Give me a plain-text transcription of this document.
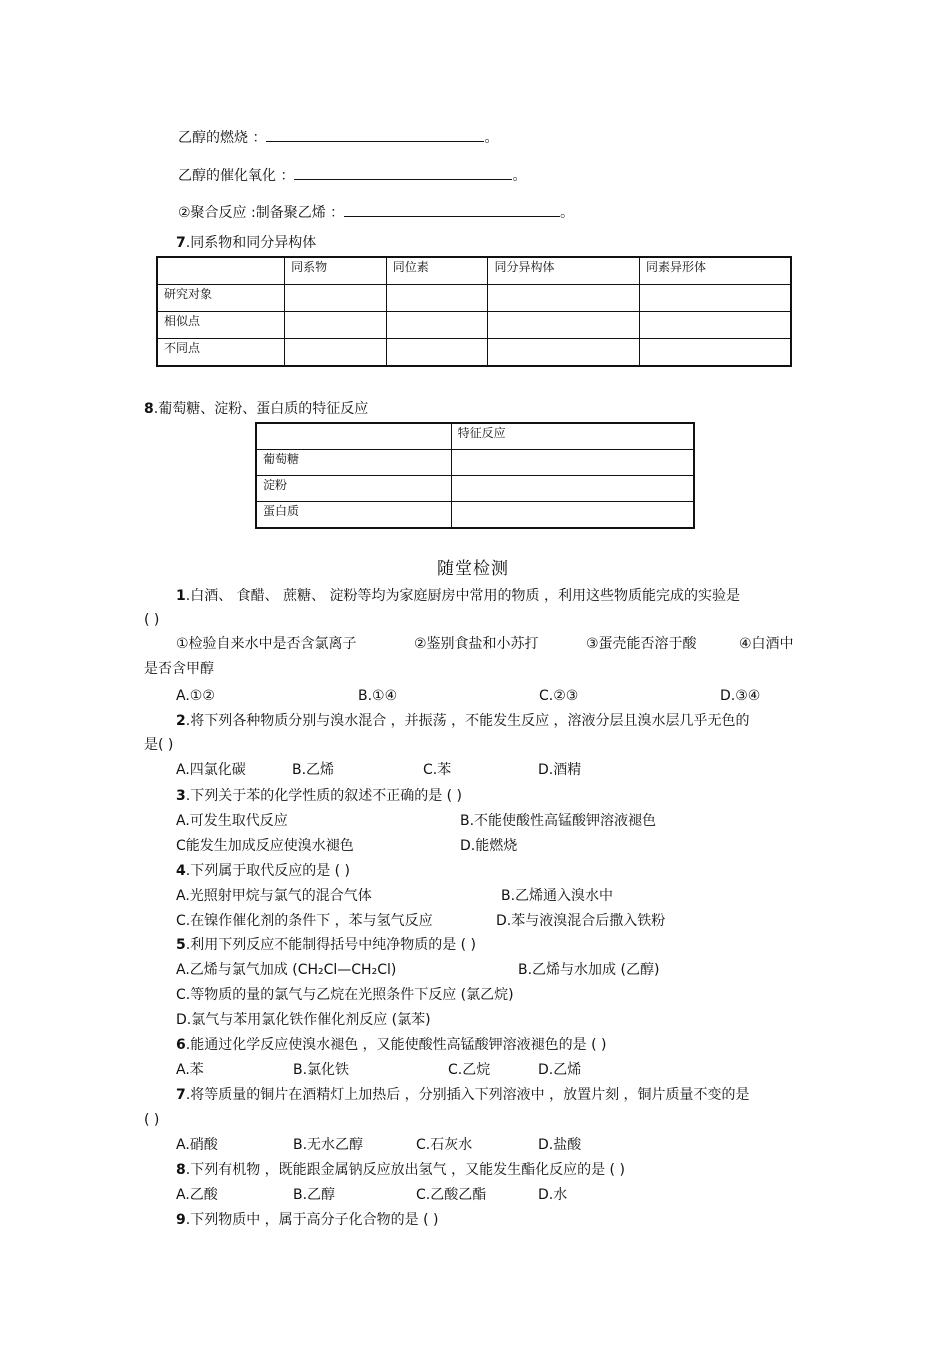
乙醇的燃烧 ：	。
乙醇的催化氧化 ：	。
②聚合反应 :制备聚乙烯 ：	。
7.同系物和同分异构体
	同系物	同位素	同分异构体	同素异形体
研究对象				
相似点				
不同点				
8.葡萄糖、淀粉、蛋白质的特征反应
	特征反应
葡萄糖	
淀粉	
蛋白质	
随堂检测
1.白酒、 食醋、 蔗糖、 淀粉等均为家庭厨房中常用的物质 ，利用这些物质能完成的实验是
( )
①检验自来水中是否含氯离子	②鉴别食盐和小苏打	③蛋壳能否溶于酸	④白酒中
是否含甲醇
A.①②	B.①④	C.②③	D.③④
2.将下列各种物质分别与溴水混合 ，并振荡 ，不能发生反应 ，溶液分层且溴水层几乎无色的
是( )
A.四氯化碳	B.乙烯	C.苯	D.酒精
3.下列关于苯的化学性质的叙述不正确的是 ( )
A.可发生取代反应	B.不能使酸性高锰酸钾溶液褪色
C能发生加成反应使溴水褪色	D.能燃烧
4.下列属于取代反应的是 ( )
A.光照射甲烷与氯气的混合气体	B.乙烯通入溴水中
C.在镍作催化剂的条件下 ，苯与氢气反应	D.苯与液溴混合后撒入铁粉
5.利用下列反应不能制得括号中纯净物质的是 ( )
A.乙烯与氯气加成 (CH₂Cl—CH₂Cl)	B.乙烯与水加成 (乙醇)
C.等物质的量的氯气与乙烷在光照条件下反应 (氯乙烷)
D.氯气与苯用氯化铁作催化剂反应 (氯苯)
6.能通过化学反应使溴水褪色 ，又能使酸性高锰酸钾溶液褪色的是 ( )
A.苯	B.氯化铁	C.乙烷	D.乙烯
7.将等质量的铜片在酒精灯上加热后 ，分别插入下列溶液中 ，放置片刻 ，铜片质量不变的是
( )
A.硝酸	B.无水乙醇	C.石灰水	D.盐酸
8.下列有机物 ，既能跟金属钠反应放出氢气 ，又能发生酯化反应的是 ( )
A.乙酸	B.乙醇	C.乙酸乙酯	D.水
9.下列物质中 ，属于高分子化合物的是 ( )
